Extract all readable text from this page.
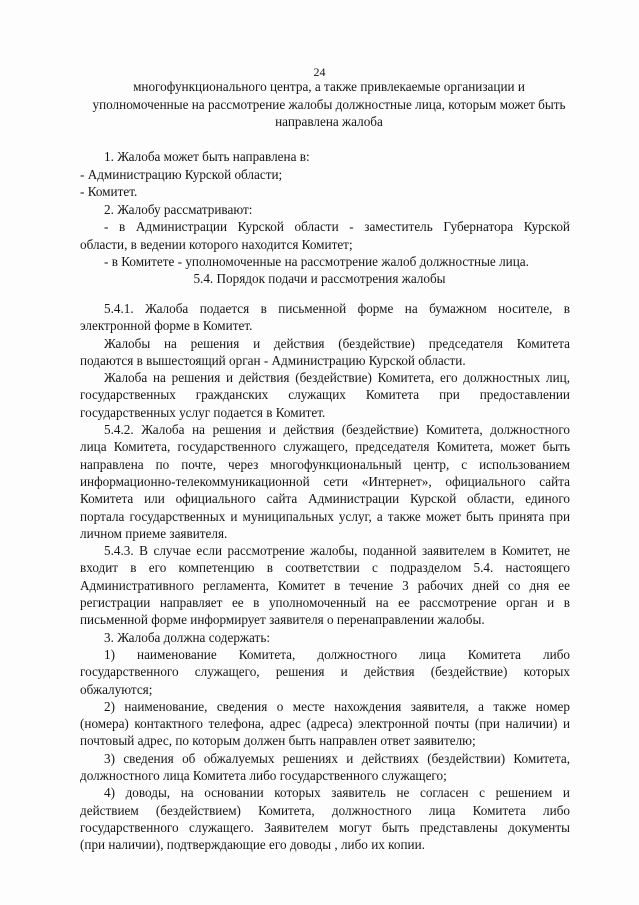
24
многофункционального центра, а также привлекаемые организации и
уполномоченные на рассмотрение жалобы должностные лица, которым может быть
направлена жалоба
1. Жалоба может быть направлена в:
- Администрацию Курской области;
- Комитет.
2. Жалобу рассматривают:
- в Администрации Курской области - заместитель Губернатора Курской
области, в ведении которого находится Комитет;
- в Комитете - уполномоченные на рассмотрение жалоб должностные лица.
5.4. Порядок подачи и рассмотрения жалобы
5.4.1. Жалоба подается в письменной форме на бумажном носителе, в
электронной форме в Комитет.
Жалобы на решения и действия (бездействие) председателя Комитета
подаются в вышестоящий орган - Администрацию Курской области.
Жалоба на решения и действия (бездействие) Комитета, его должностных лиц,
государственных гражданских служащих Комитета при предоставлении
государственных услуг подается в Комитет.
5.4.2. Жалоба на решения и действия (бездействие) Комитета, должностного
лица Комитета, государственного служащего, председателя Комитета, может быть
направлена по почте, через многофункциональный центр, с использованием
информационно-телекоммуникационной сети «Интернет», официального сайта
Комитета или официального сайта Администрации Курской области, единого
портала государственных и муниципальных услуг, а также может быть принята при
личном приеме заявителя.
5.4.3. В случае если рассмотрение жалобы, поданной заявителем в Комитет, не
входит в его компетенцию в соответствии с подразделом 5.4. настоящего
Административного регламента, Комитет в течение 3 рабочих дней со дня ее
регистрации направляет ее в уполномоченный на ее рассмотрение орган и в
письменной форме информирует заявителя о перенаправлении жалобы.
3. Жалоба должна содержать:
1) наименование Комитета, должностного лица Комитета либо
государственного служащего, решения и действия (бездействие) которых
обжалуются;
2) наименование, сведения о месте нахождения заявителя, а также номер
(номера) контактного телефона, адрес (адреса) электронной почты (при наличии) и
почтовый адрес, по которым должен быть направлен ответ заявителю;
3) сведения об обжалуемых решениях и действиях (бездействии) Комитета,
должностного лица Комитета либо государственного служащего;
4) доводы, на основании которых заявитель не согласен с решением и
действием (бездействием) Комитета, должностного лица Комитета либо
государственного служащего. Заявителем могут быть представлены документы
(при наличии), подтверждающие его доводы , либо их копии.
